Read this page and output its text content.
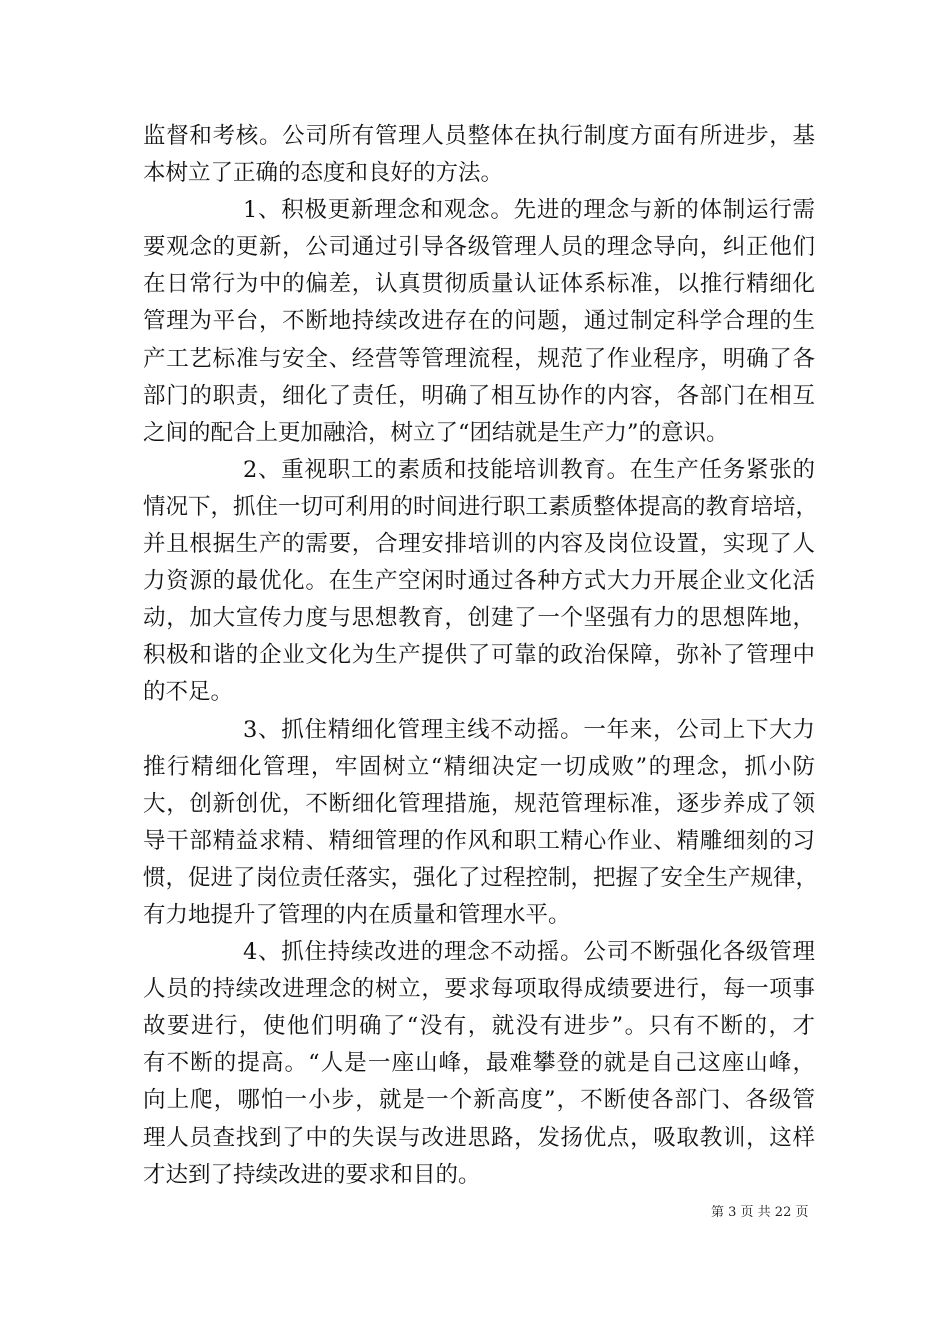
监督和考核。公司所有管理人员整体在执行制度方面有所进步，基
本树立了正确的态度和良好的方法。
1、积极更新理念和观念。先进的理念与新的体制运行需
要观念的更新，公司通过引导各级管理人员的理念导向，纠正他们
在日常行为中的偏差，认真贯彻质量认证体系标准，以推行精细化
管理为平台，不断地持续改进存在的问题，通过制定科学合理的生
产工艺标准与安全、经营等管理流程，规范了作业程序，明确了各
部门的职责，细化了责任，明确了相互协作的内容，各部门在相互
之间的配合上更加融洽，树立了“团结就是生产力”的意识。
2、重视职工的素质和技能培训教育。在生产任务紧张的
情况下，抓住一切可利用的时间进行职工素质整体提高的教育培培，
并且根据生产的需要，合理安排培训的内容及岗位设置，实现了人
力资源的最优化。在生产空闲时通过各种方式大力开展企业文化活
动，加大宣传力度与思想教育，创建了一个坚强有力的思想阵地，
积极和谐的企业文化为生产提供了可靠的政治保障，弥补了管理中
的不足。
3、抓住精细化管理主线不动摇。一年来，公司上下大力
推行精细化管理，牢固树立“精细决定一切成败”的理念，抓小防
大，创新创优，不断细化管理措施，规范管理标准，逐步养成了领
导干部精益求精、精细管理的作风和职工精心作业、精雕细刻的习
惯，促进了岗位责任落实，强化了过程控制，把握了安全生产规律，
有力地提升了管理的内在质量和管理水平。
4、抓住持续改进的理念不动摇。公司不断强化各级管理
人员的持续改进理念的树立，要求每项取得成绩要进行，每一项事
故要进行，使他们明确了“没有，就没有进步”。只有不断的，才
有不断的提高。“人是一座山峰，最难攀登的就是自己这座山峰，
向上爬，哪怕一小步，就是一个新高度”，不断使各部门、各级管
理人员查找到了中的失误与改进思路，发扬优点，吸取教训，这样
才达到了持续改进的要求和目的。
第 3 页 共 22 页
